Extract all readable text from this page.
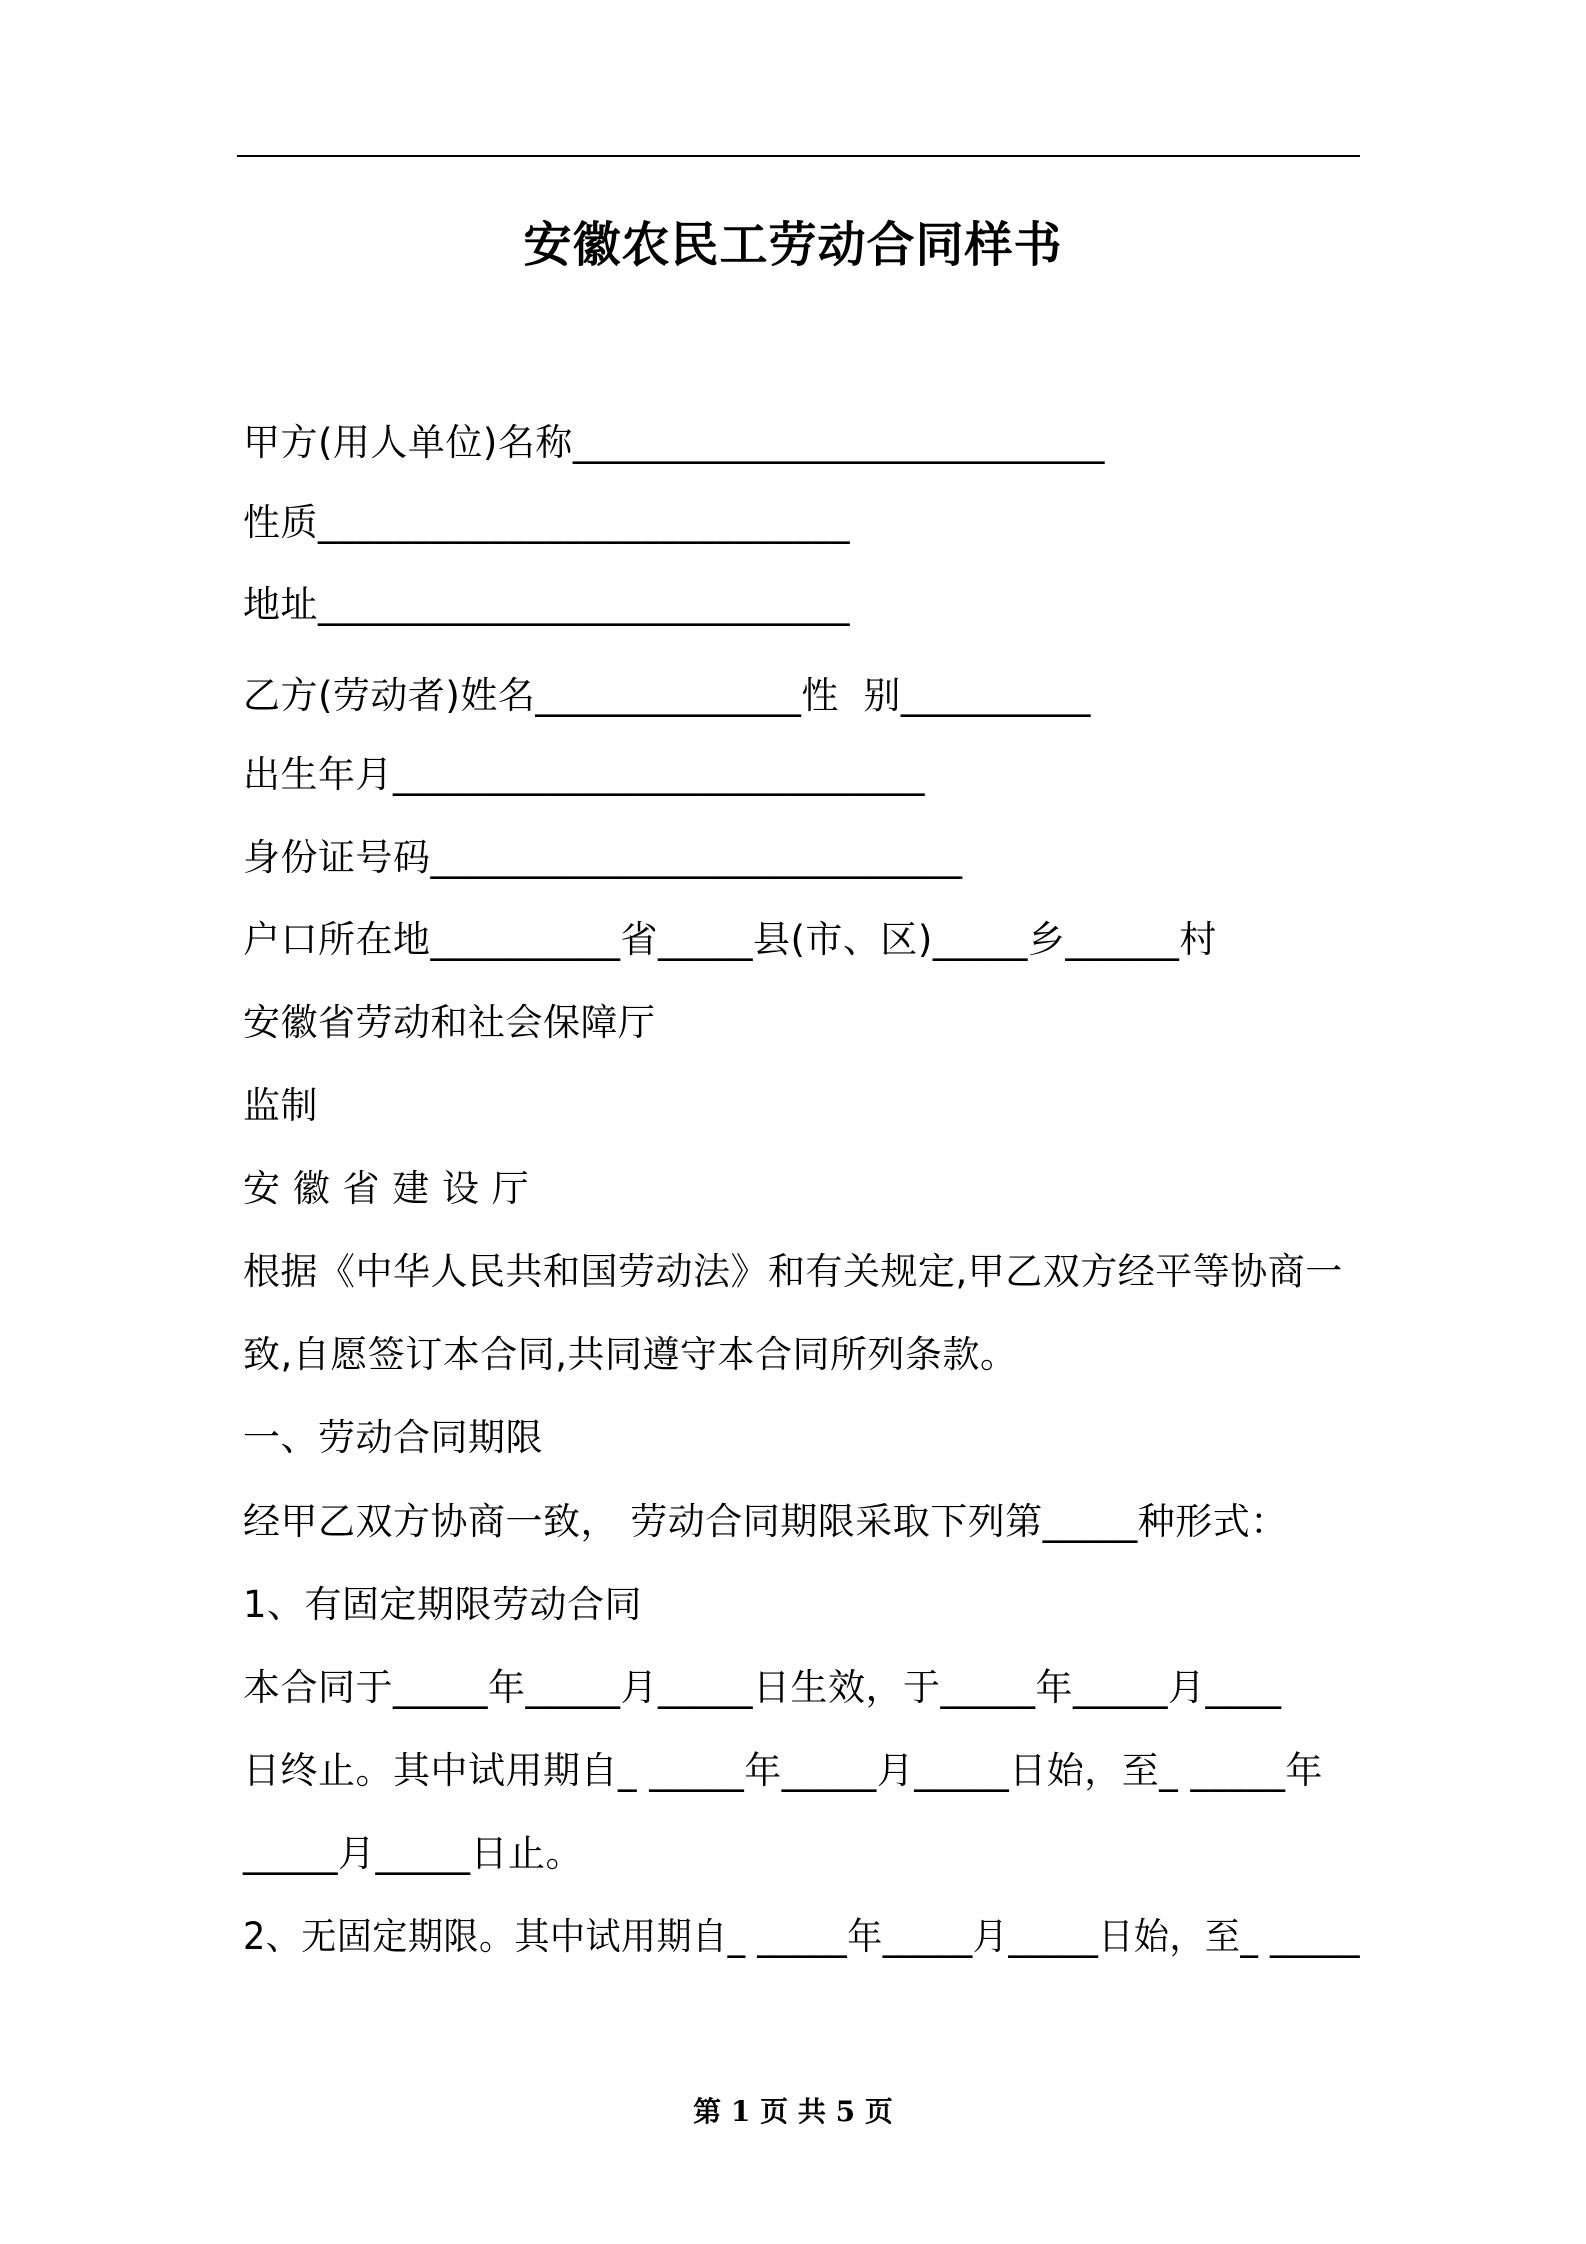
安徽农民工劳动合同样书
甲方(用人单位)名称____________________________
性质____________________________
地址____________________________
乙方(劳动者)姓名______________性  别__________
出生年月____________________________
身份证号码____________________________
户口所在地__________省_____县(市、区)_____乡______村
安徽省劳动和社会保障厅
监制
安 徽 省 建 设 厅
根据《中华人民共和国劳动法》和有关规定,甲乙双方经平等协商一
致,自愿签订本合同,共同遵守本合同所列条款。
一、劳动合同期限
经甲乙双方协商一致， 劳动合同期限采取下列第_____种形式：
1、有固定期限劳动合同
本合同于_____年_____月_____日生效，于_____年_____月____
日终止。其中试用期自_ _____年_____月_____日始，至_ _____年
_____月_____日止。
2、无固定期限。其中试用期自_ _____年_____月_____日始，至_ _____
第 1 页 共 5 页
